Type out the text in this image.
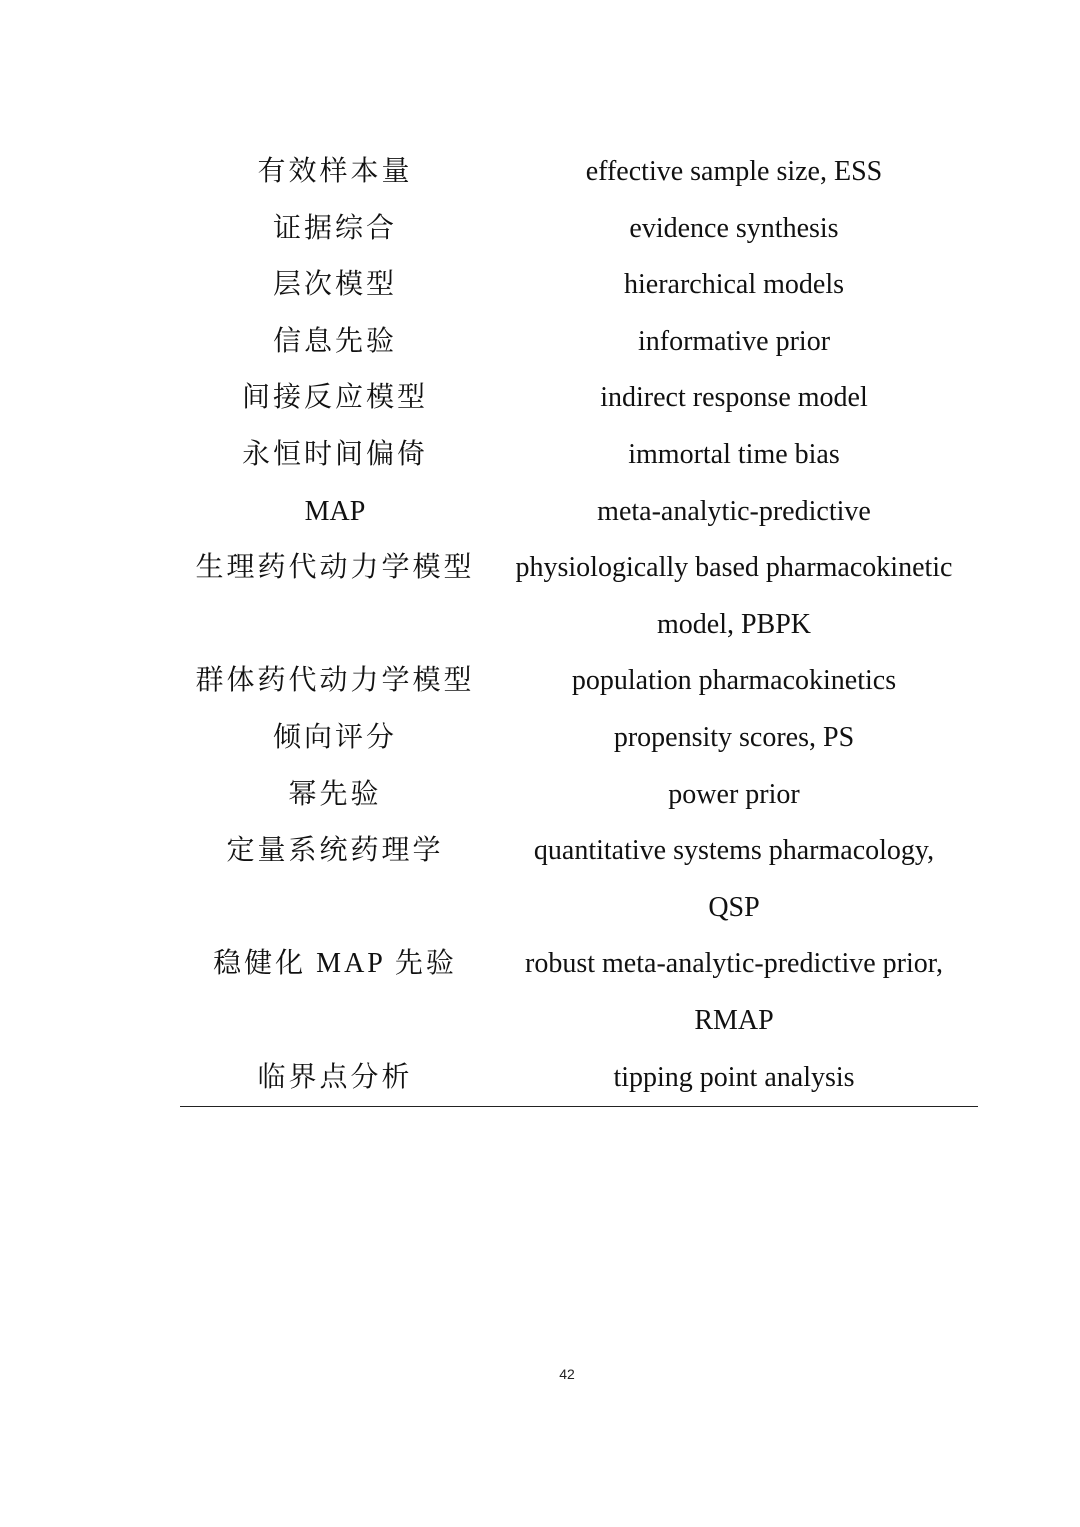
有效样本量	effective sample size, ESS
证据综合	evidence synthesis
层次模型	hierarchical models
信息先验	informative prior
间接反应模型	indirect response model
永恒时间偏倚	immortal time bias
MAP	meta-analytic-predictive
生理药代动力学模型	physiologically based pharmacokinetic
model, PBPK
群体药代动力学模型	population pharmacokinetics
倾向评分	propensity scores, PS
幂先验	power prior
定量系统药理学	quantitative systems pharmacology,
QSP
稳健化 MAP 先验	robust meta-analytic-predictive prior,
RMAP
临界点分析	tipping point analysis
42
